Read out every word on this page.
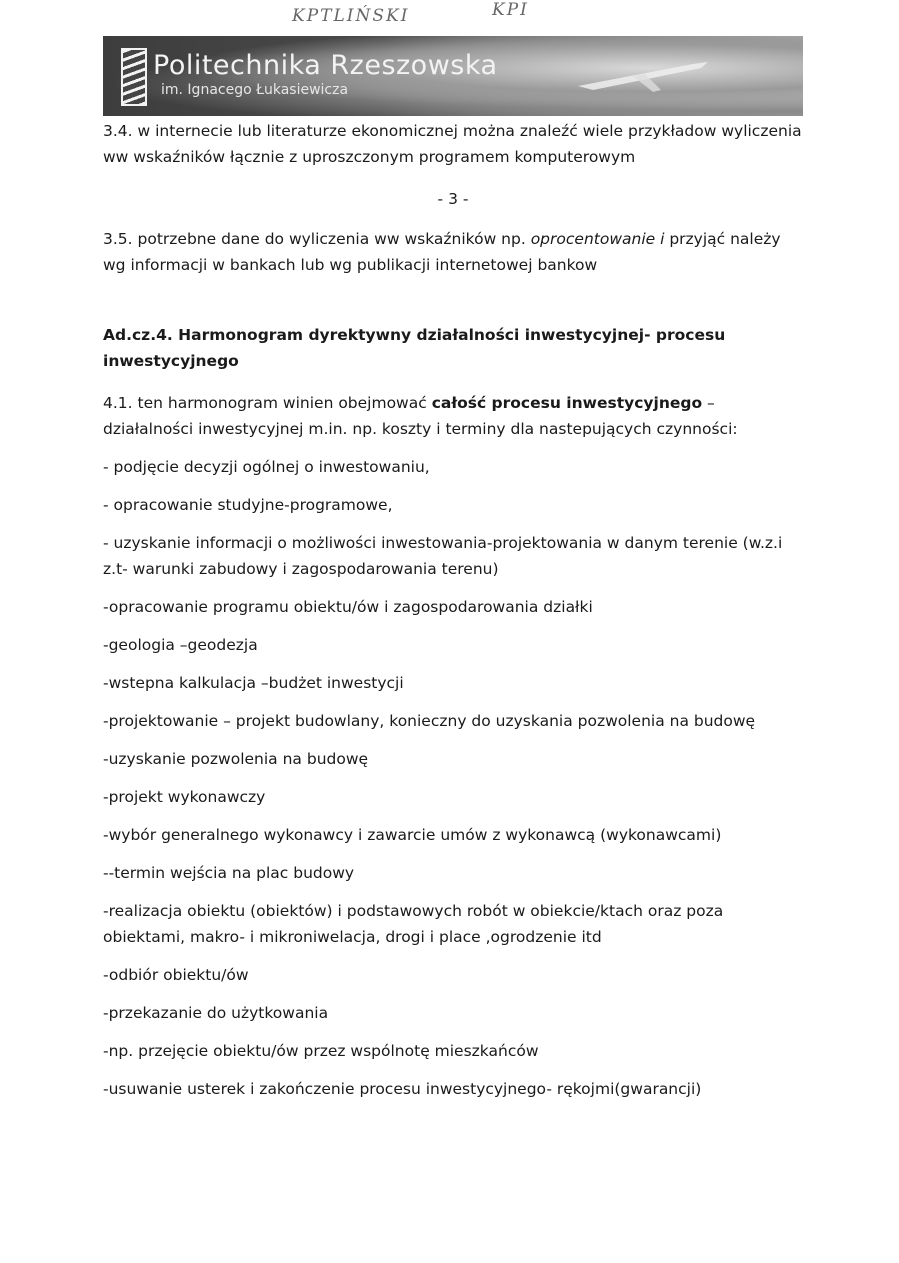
KPTLIŃSKI	KPI
Politechnika Rzeszowska
im. Ignacego Łukasiewicza

3.4. w internecie lub literaturze ekonomicznej można znaleźć wiele przykładow wyliczenia ww wskaźników łącznie z uproszczonym programem komputerowym

- 3 -

3.5. potrzebne dane do wyliczenia ww wskaźników np. oprocentowanie i przyjąć należy wg informacji w bankach lub wg publikacji internetowej bankow

Ad.cz.4. Harmonogram dyrektywny działalności inwestycyjnej- procesu inwestycyjnego

4.1. ten harmonogram winien obejmować całość procesu inwestycyjnego – działalności inwestycyjnej m.in. np. koszty i terminy dla nastepujących czynności:

- podjęcie decyzji ogólnej o inwestowaniu,

- opracowanie studyjne-programowe,

- uzyskanie informacji o możliwości inwestowania-projektowania w danym terenie (w.z.i z.t- warunki zabudowy i zagospodarowania terenu)

-opracowanie programu obiektu/ów i zagospodarowania działki

-geologia –geodezja

-wstepna kalkulacja –budżet inwestycji

-projektowanie – projekt budowlany, konieczny do uzyskania pozwolenia na budowę

-uzyskanie pozwolenia na budowę

-projekt wykonawczy

-wybór generalnego wykonawcy i zawarcie umów z wykonawcą (wykonawcami)

--termin wejścia na plac budowy

-realizacja obiektu (obiektów) i podstawowych robót w obiekcie/ktach oraz poza obiektami, makro- i mikroniwelacja, drogi i place ,ogrodzenie itd

-odbiór obiektu/ów

-przekazanie do użytkowania

-np. przejęcie obiektu/ów przez wspólnotę mieszkańców

-usuwanie usterek i zakończenie procesu inwestycyjnego- rękojmi(gwarancji)
